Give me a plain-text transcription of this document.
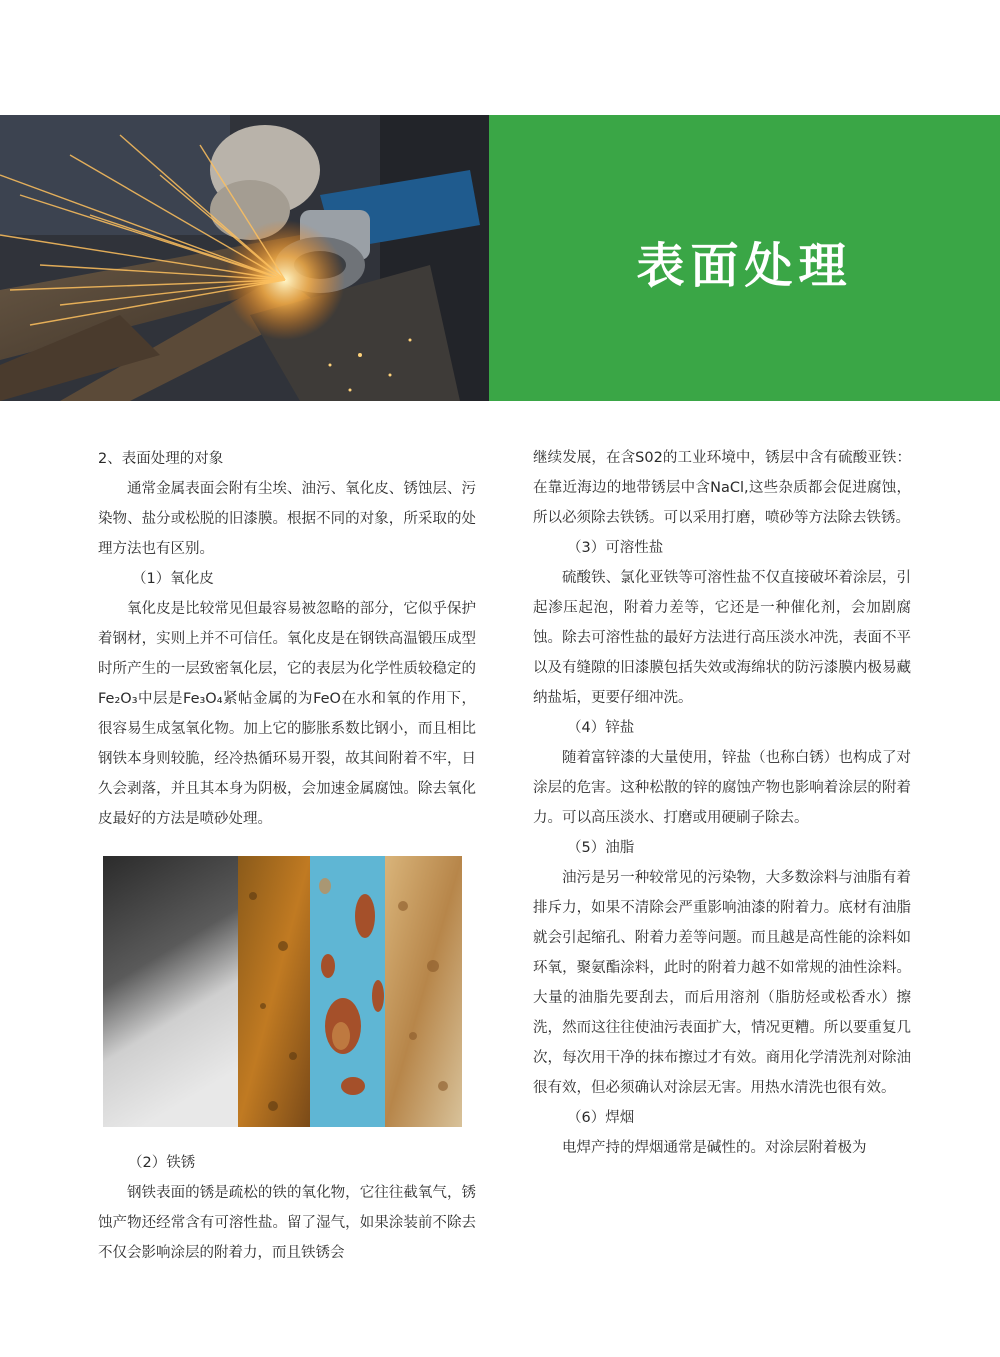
表面处理

2、表面处理的对象

通常金属表面会附有尘埃、油污、氧化皮、锈蚀层、污染物、盐分或松脱的旧漆膜。根据不同的对象，所采取的处理方法也有区别。

（1）氧化皮

氧化皮是比较常见但最容易被忽略的部分，它似乎保护着钢材，实则上并不可信任。氧化皮是在钢铁高温锻压成型时所产生的一层致密氧化层，它的表层为化学性质较稳定的Fe₂O₃中层是Fe₃O₄紧帖金属的为FeO在水和氧的作用下，很容易生成氢氧化物。加上它的膨胀系数比钢小，而且相比钢铁本身则较脆，经冷热循环易开裂，故其间附着不牢，日久会剥落，并且其本身为阴极，会加速金属腐蚀。除去氧化皮最好的方法是喷砂处理。

（2）铁锈

钢铁表面的锈是疏松的铁的氧化物，它往往截氧气，锈蚀产物还经常含有可溶性盐。留了湿气，如果涂装前不除去不仅会影响涂层的附着力，而且铁锈会

继续发展，在含S02的工业环境中，锈层中含有硫酸亚铁：在靠近海边的地带锈层中含NaCl,这些杂质都会促进腐蚀，所以必须除去铁锈。可以采用打磨，喷砂等方法除去铁锈。

（3）可溶性盐

硫酸铁、氯化亚铁等可溶性盐不仅直接破坏着涂层，引起渗压起泡，附着力差等，它还是一种催化剂，会加剧腐蚀。除去可溶性盐的最好方法进行高压淡水冲洗，表面不平以及有缝隙的旧漆膜包括失效或海绵状的防污漆膜内极易藏纳盐垢，更要仔细冲洗。

（4）锌盐

随着富锌漆的大量使用，锌盐（也称白锈）也构成了对涂层的危害。这种松散的锌的腐蚀产物也影响着涂层的附着力。可以高压淡水、打磨或用硬刷子除去。

（5）油脂

油污是另一种较常见的污染物，大多数涂料与油脂有着排斥力，如果不清除会严重影响油漆的附着力。底材有油脂就会引起缩孔、附着力差等问题。而且越是高性能的涂料如环氧，聚氨酯涂料，此时的附着力越不如常规的油性涂料。大量的油脂先要刮去，而后用溶剂（脂肪烃或松香水）擦洗，然而这往往使油污表面扩大，情况更糟。所以要重复几次，每次用干净的抹布擦过才有效。商用化学清洗剂对除油很有效，但必须确认对涂层无害。用热水清洗也很有效。

（6）焊烟

电焊产持的焊烟通常是碱性的。对涂层附着极为
